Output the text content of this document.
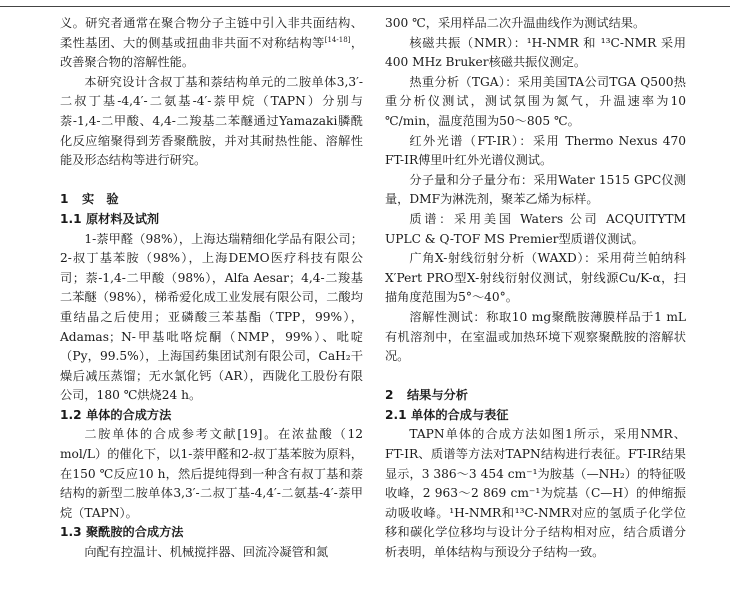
义。研究者通常在聚合物分子主链中引入非共面结构、柔性基团、大的侧基或扭曲非共面不对称结构等[14-18]，改善聚合物的溶解性能。

本研究设计含叔丁基和萘结构单元的二胺单体3,3′-二叔丁基-4,4′-二氨基-4′-萘甲烷（TAPN）分别与萘-1,4-二甲酸、4,4-二羧基二苯醚通过Yamazaki膦酰化反应缩聚得到芳香聚酰胺，并对其耐热性能、溶解性能及形态结构等进行研究。

1 实　验
1.1 原材料及试剂

1-萘甲醛（98%），上海达瑞精细化学品有限公司；2-叔丁基苯胺（98%），上海DEMO医疗科技有限公司；萘-1,4-二甲酸（98%），Alfa Aesar；4,4-二羧基二苯醚（98%），梯希爱化成工业发展有限公司，二酸均重结晶之后使用；亚磷酸三苯基酯（TPP，99%），Adamas；N-甲基吡咯烷酮（NMP，99%）、吡啶（Py，99.5%），上海国药集团试剂有限公司，CaH₂干燥后减压蒸馏；无水氯化钙（AR），西陇化工股份有限公司，180 ℃烘烧24 h。

1.2 单体的合成方法

二胺单体的合成参考文献[19]。在浓盐酸（12 mol/L）的催化下，以1-萘甲醛和2-叔丁基苯胺为原料，在150 ℃反应10 h，然后提纯得到一种含有叔丁基和萘结构的新型二胺单体3,3′-二叔丁基-4,4′-二氨基-4′-萘甲烷（TAPN）。

1.3 聚酰胺的合成方法

向配有控温计、机械搅拌器、回流冷凝管和氮

300 ℃，采用样品二次升温曲线作为测试结果。

核磁共振（NMR）：¹H-NMR 和 ¹³C-NMR 采用400 MHz Bruker核磁共振仪测定。

热重分析（TGA）：采用美国TA公司TGA Q500热重分析仪测试，测试氛围为氮气，升温速率为10 ℃/min，温度范围为50～805 ℃。

红外光谱（FT-IR）：采用 Thermo Nexus 470 FT-IR傅里叶红外光谱仪测试。

分子量和分子量分布：采用Water 1515 GPC仪测量，DMF为淋洗剂，聚苯乙烯为标样。

质谱：采用美国 Waters 公司 ACQUITYTM UPLC & Q-TOF MS Premier型质谱仪测试。

广角X-射线衍射分析（WAXD）：采用荷兰帕纳科 X′Pert PRO型X-射线衍射仪测试，射线源Cu/K-α，扫描角度范围为5°～40°。

溶解性测试：称取10 mg聚酰胺薄膜样品于1 mL有机溶剂中，在室温或加热环境下观察聚酰胺的溶解状况。

2 结果与分析
2.1 单体的合成与表征

TAPN单体的合成方法如图1所示，采用NMR、FT-IR、质谱等方法对TAPN结构进行表征。FT-IR结果显示，3 386～3 454 cm⁻¹为胺基（—NH₂）的特征吸收峰，2 963～2 869 cm⁻¹为烷基（C—H）的伸缩振动吸收峰。¹H-NMR和¹³C-NMR对应的氢质子化学位移和碳化学位移均与设计分子结构相对应，结合质谱分析表明，单体结构与预设分子结构一致。
